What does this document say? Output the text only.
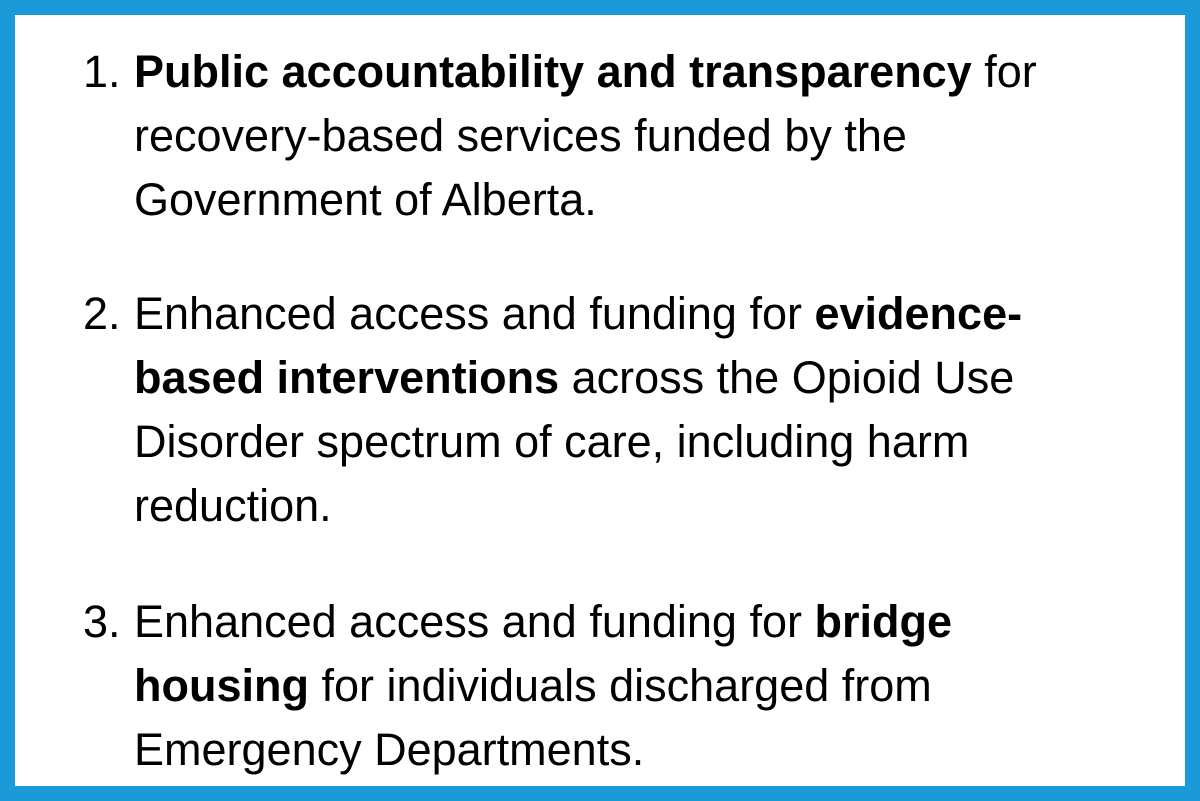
1. Public accountability and transparency for
recovery-based services funded by the
Government of Alberta.
2. Enhanced access and funding for evidence-
based interventions across the Opioid Use
Disorder spectrum of care, including harm
reduction.
3. Enhanced access and funding for bridge
housing for individuals discharged from
Emergency Departments.
